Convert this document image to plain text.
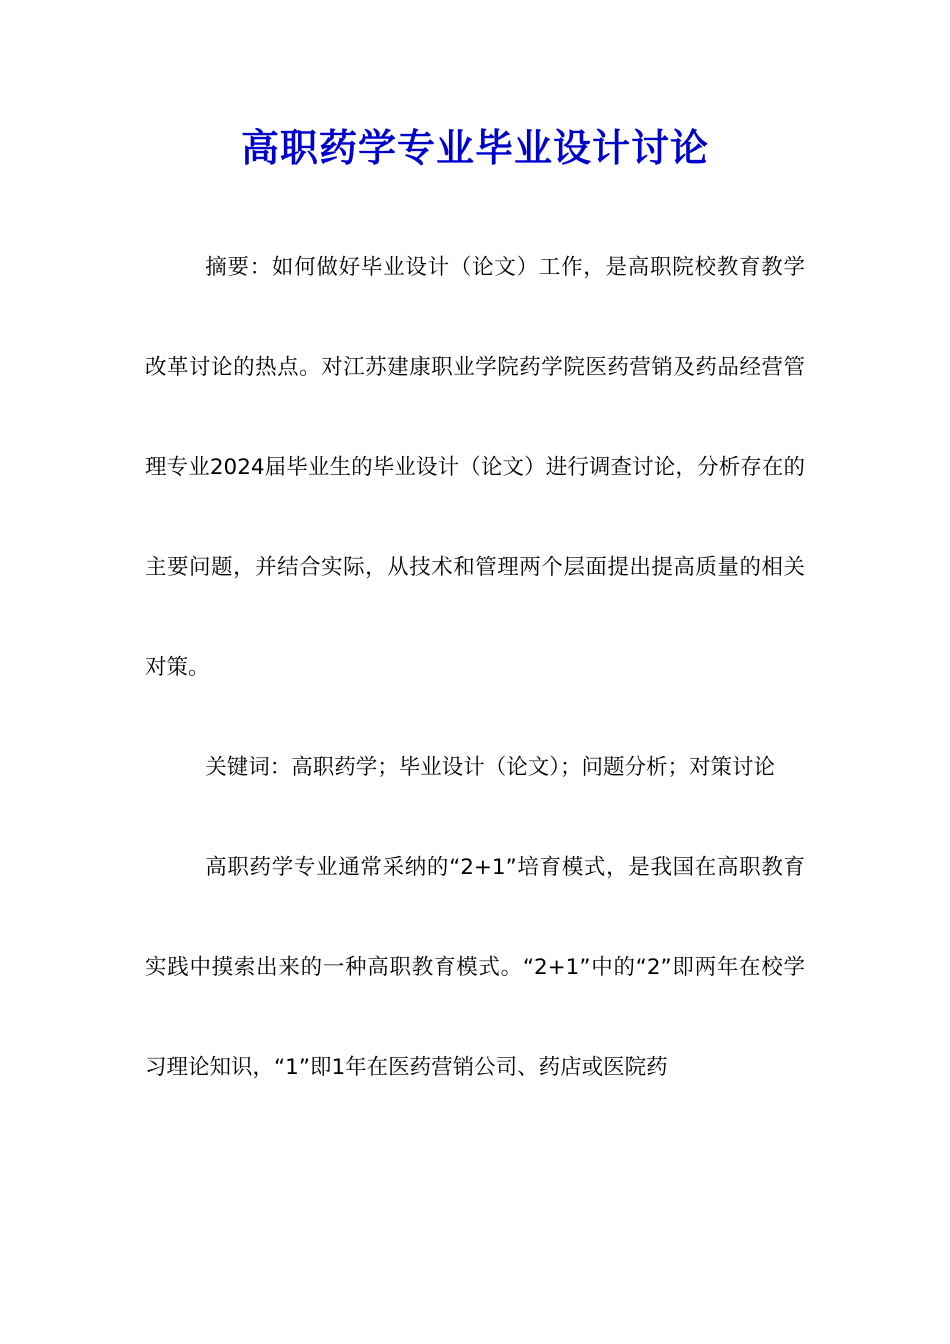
高职药学专业毕业设计讨论

摘要：如何做好毕业设计（论文）工作，是高职院校教育教学改革讨论的热点。对江苏建康职业学院药学院医药营销及药品经营管理专业2024届毕业生的毕业设计（论文）进行调查讨论，分析存在的主要问题，并结合实际，从技术和管理两个层面提出提高质量的相关对策。

关键词：高职药学；毕业设计（论文）；问题分析；对策讨论

高职药学专业通常采纳的“2+1”培育模式，是我国在高职教育实践中摸索出来的一种高职教育模式。“2+1”中的“2”即两年在校学习理论知识，“1”即1年在医药营销公司、药店或医院药
